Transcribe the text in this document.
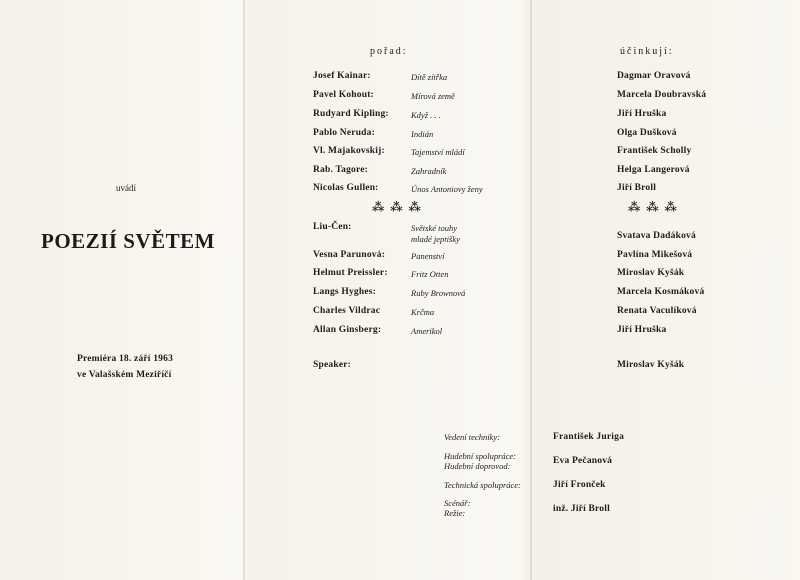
uvádí
POEZIÍ SVĚTEM
Premiéra 18. září 1963
ve Valašském Meziříčí
pořad:
Josef Kainar:	Dítě zítřka
Pavel Kohout:	Mírová země
Rudyard Kipling:	Když . . .
Pablo Neruda:	Indián
Vl. Majakovskij:	Tajemství mládí
Rab. Tagore:	Zahradník
Nicolas Gullen:	Únos Antoniovy ženy
⁂⁂⁂
Liu-Čen:	Světské touhy
mladé jeptišky
Vesna Parunová:	Panenství
Helmut Preissler:	Fritz Otten
Langs Hyghes:	Ruby Brownová
Charles Vildrac	Krčma
Allan Ginsberg:	Amerikol
Speaker:
účinkují:
Dagmar Oravová
Marcela Doubravská
Jiří Hruška
Olga Dušková
František Scholly
Helga Langerová
Jiří Broll
⁂⁂⁂
Svatava Dadáková
Pavlína Mikešová
Miroslav Kyšák
Marcela Kosmáková
Renata Vaculíková
Jiří Hruška
Miroslav Kyšák
Vedení techniky:	František Juriga
Hudební spolupráce:
Hudební doprovod:	Eva Pečanová
Technická spolupráce:	Jiří Fronček
Scénář:
Režie:	inž. Jiří Broll
